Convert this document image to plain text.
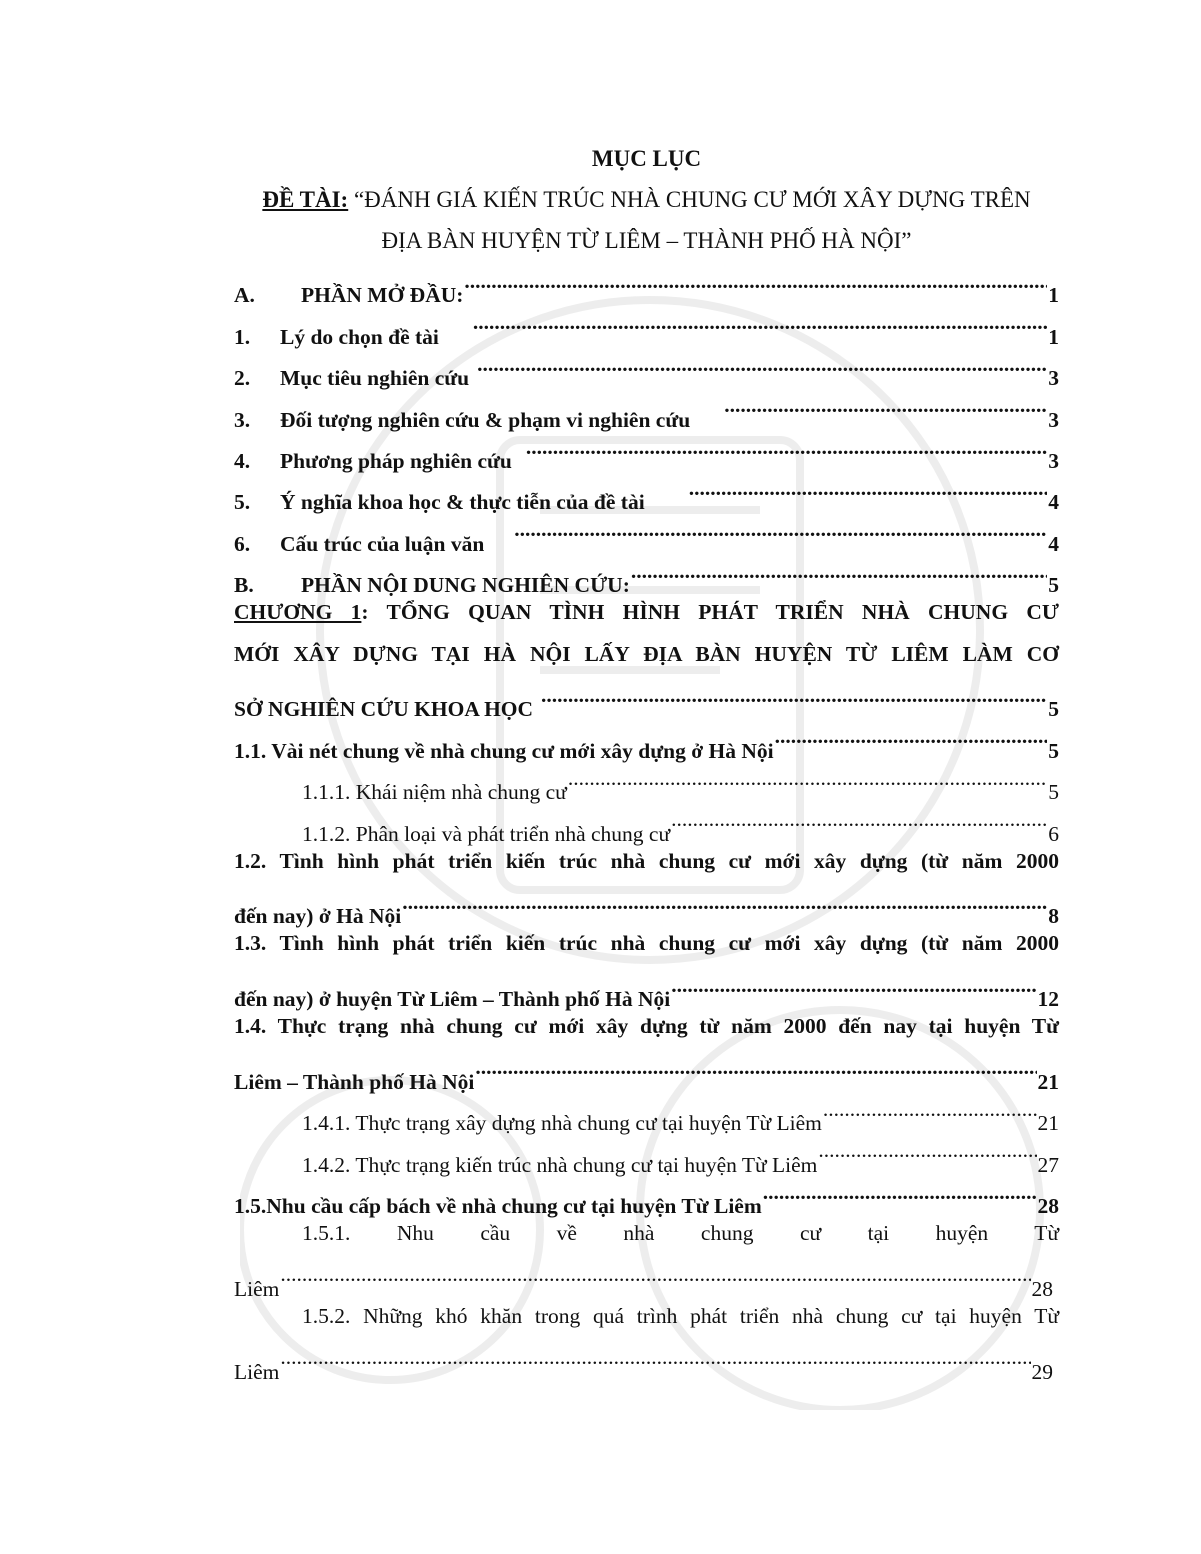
MỤC LỤC
ĐỀ TÀI: “ĐÁNH GIÁ KIẾN TRÚC NHÀ CHUNG CƯ MỚI XÂY DỰNG TRÊN
ĐỊA BÀN HUYỆN TỪ LIÊM – THÀNH PHỐ HÀ NỘI”
A.	PHẦN MỞ ĐẦU: .....	1
1.	Lý do chọn đề tài .....	1
2.	Mục tiêu nghiên cứu .....	3
3.	Đối tượng nghiên cứu & phạm vi nghiên cứu .....	3
4.	Phương pháp nghiên cứu .....	3
5.	Ý nghĩa khoa học & thực tiễn của đề tài .....	4
6.	Cấu trúc của luận văn .....	4
B.	PHẦN NỘI DUNG NGHIÊN CỨU: .....	5

CHƯƠNG 1: TỔNG QUAN TÌNH HÌNH PHÁT TRIỂN NHÀ CHUNG CƯ

MỚI XÂY DỰNG TẠI HÀ NỘI LẤY ĐỊA BÀN HUYỆN TỪ LIÊM LÀM CƠ

SỞ NGHIÊN CỨU KHOA HỌC .....	5
1.1. Vài nét chung về nhà chung cư mới xây dựng ở Hà Nội .....	5
1.1.1. Khái niệm nhà chung cư .....	5
1.1.2. Phân loại và phát triển nhà chung cư .....	6

1.2. Tình hình phát triển kiến trúc nhà chung cư mới xây dựng (từ năm 2000

đến nay) ở Hà Nội .....	8

1.3. Tình hình phát triển kiến trúc nhà chung cư mới xây dựng (từ năm 2000

đến nay) ở huyện Từ Liêm – Thành phố Hà Nội .....	12

1.4. Thực trạng nhà chung cư mới xây dựng từ năm 2000 đến nay tại huyện Từ

Liêm – Thành phố Hà Nội .....	21
1.4.1. Thực trạng xây dựng nhà chung cư tại huyện Từ Liêm .....	21
1.4.2. Thực trạng kiến trúc nhà chung cư tại huyện Từ Liêm .....	27
1.5.Nhu cầu cấp bách về nhà chung cư tại huyện Từ Liêm .....	28

1.5.1. Nhu cầu về nhà chung cư tại huyện Từ

Liêm .....	28

1.5.2. Những khó khăn trong quá trình phát triển nhà chung cư tại huyện Từ

Liêm .....	29
